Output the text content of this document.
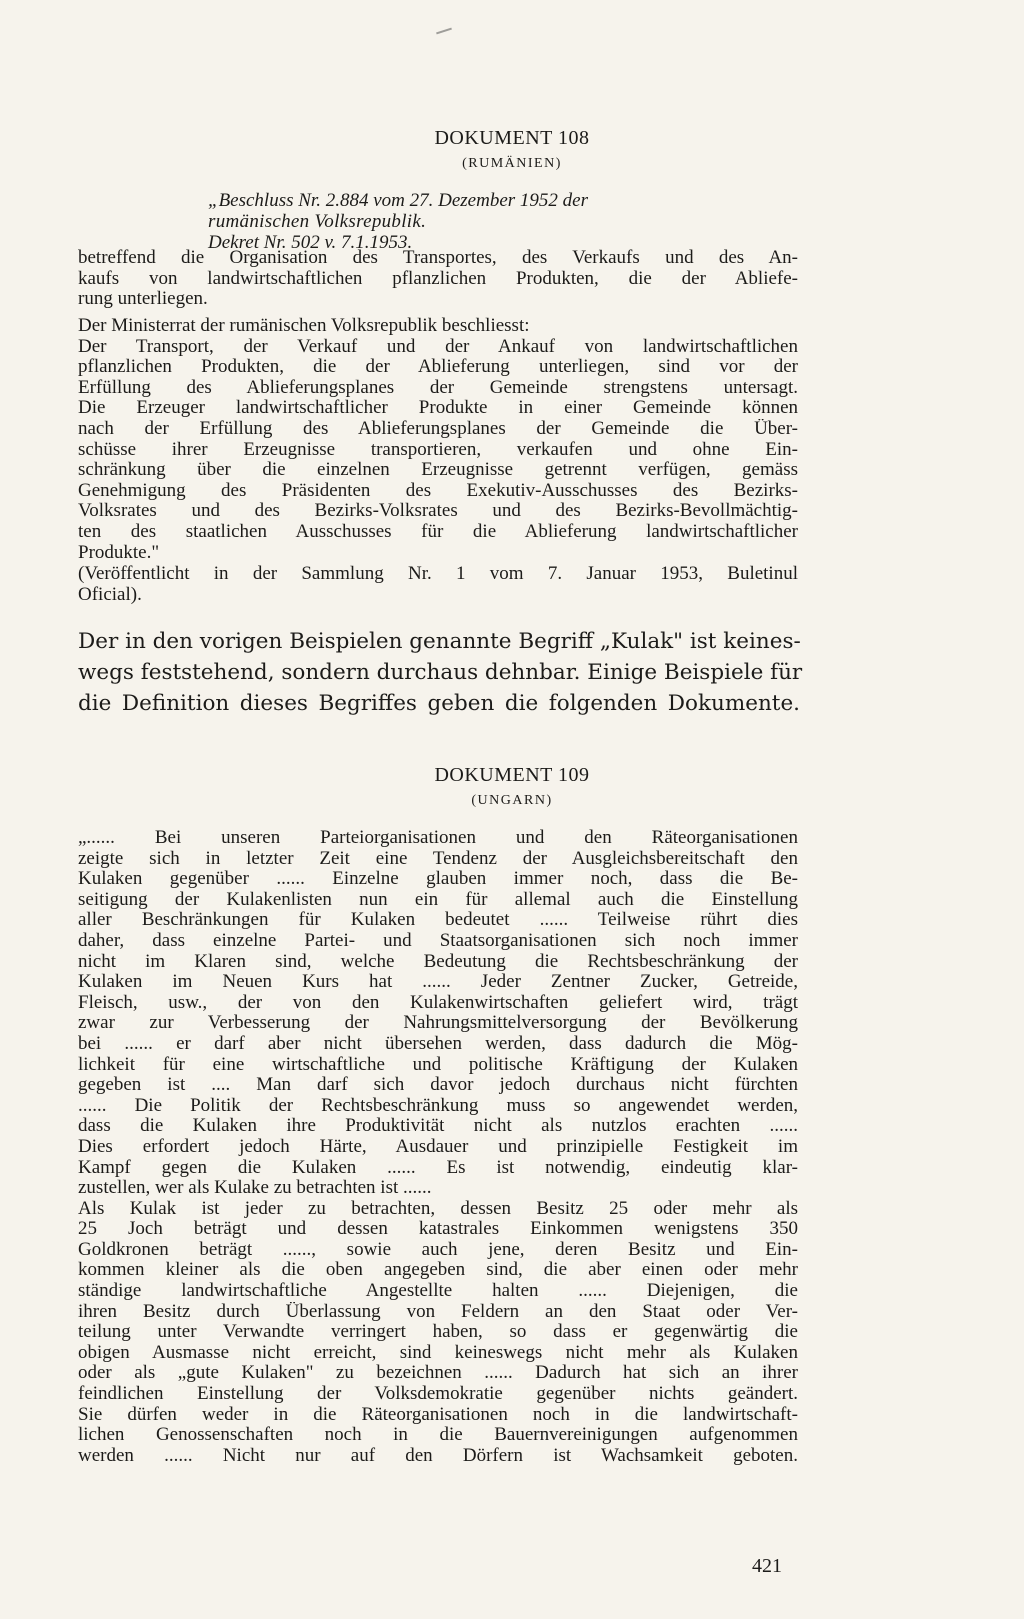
DOKUMENT 108
(RUMÄNIEN)
„Beschluss Nr. 2.884 vom 27. Dezember 1952 der
rumänischen Volksrepublik.
Dekret Nr. 502 v. 7.1.1953.
betreffend die Organisation des Transportes, des Verkaufs und des An-
kaufs von landwirtschaftlichen pflanzlichen Produkten, die der Abliefe-
rung unterliegen.
Der Ministerrat der rumänischen Volksrepublik beschliesst:
Der Transport, der Verkauf und der Ankauf von landwirtschaftlichen
pflanzlichen Produkten, die der Ablieferung unterliegen, sind vor der
Erfüllung des Ablieferungsplanes der Gemeinde strengstens untersagt.
Die Erzeuger landwirtschaftlicher Produkte in einer Gemeinde können
nach der Erfüllung des Ablieferungsplanes der Gemeinde die Über-
schüsse ihrer Erzeugnisse transportieren, verkaufen und ohne Ein-
schränkung über die einzelnen Erzeugnisse getrennt verfügen, gemäss
Genehmigung des Präsidenten des Exekutiv-Ausschusses des Bezirks-
Volksrates und des Bezirks-Volksrates und des Bezirks-Bevollmächtig-
ten des staatlichen Ausschusses für die Ablieferung landwirtschaftlicher
Produkte."
(Veröffentlicht in der Sammlung Nr. 1 vom 7. Januar 1953, Buletinul
Oficial).
Der in den vorigen Beispielen genannte Begriff „Kulak" ist keines-
wegs feststehend, sondern durchaus dehnbar. Einige Beispiele für
die Definition dieses Begriffes geben die folgenden Dokumente.
DOKUMENT 109
(UNGARN)
„...... Bei unseren Parteiorganisationen und den Räteorganisationen
zeigte sich in letzter Zeit eine Tendenz der Ausgleichsbereitschaft den
Kulaken gegenüber ...... Einzelne glauben immer noch, dass die Be-
seitigung der Kulakenlisten nun ein für allemal auch die Einstellung
aller Beschränkungen für Kulaken bedeutet ...... Teilweise rührt dies
daher, dass einzelne Partei- und Staatsorganisationen sich noch immer
nicht im Klaren sind, welche Bedeutung die Rechtsbeschränkung der
Kulaken im Neuen Kurs hat ...... Jeder Zentner Zucker, Getreide,
Fleisch, usw., der von den Kulakenwirtschaften geliefert wird, trägt
zwar zur Verbesserung der Nahrungsmittelversorgung der Bevölkerung
bei ...... er darf aber nicht übersehen werden, dass dadurch die Mög-
lichkeit für eine wirtschaftliche und politische Kräftigung der Kulaken
gegeben ist .... Man darf sich davor jedoch durchaus nicht fürchten
...... Die Politik der Rechtsbeschränkung muss so angewendet werden,
dass die Kulaken ihre Produktivität nicht als nutzlos erachten ......
Dies erfordert jedoch Härte, Ausdauer und prinzipielle Festigkeit im
Kampf gegen die Kulaken ...... Es ist notwendig, eindeutig klar-
zustellen, wer als Kulake zu betrachten ist ......
Als Kulak ist jeder zu betrachten, dessen Besitz 25 oder mehr als
25 Joch beträgt und dessen katastrales Einkommen wenigstens 350
Goldkronen beträgt ......, sowie auch jene, deren Besitz und Ein-
kommen kleiner als die oben angegeben sind, die aber einen oder mehr
ständige landwirtschaftliche Angestellte halten ...... Diejenigen, die
ihren Besitz durch Überlassung von Feldern an den Staat oder Ver-
teilung unter Verwandte verringert haben, so dass er gegenwärtig die
obigen Ausmasse nicht erreicht, sind keineswegs nicht mehr als Kulaken
oder als „gute Kulaken" zu bezeichnen ...... Dadurch hat sich an ihrer
feindlichen Einstellung der Volksdemokratie gegenüber nichts geändert.
Sie dürfen weder in die Räteorganisationen noch in die landwirtschaft-
lichen Genossenschaften noch in die Bauernvereinigungen aufgenommen
werden ...... Nicht nur auf den Dörfern ist Wachsamkeit geboten.
421
